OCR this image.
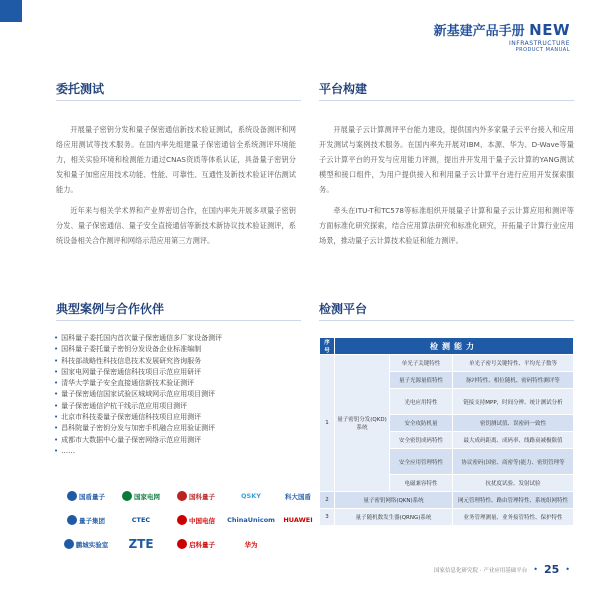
新基建产品手册 NEW
INFRASTRUCTURE
PRODUCT MANUAL
委托测试

开展量子密钥分发和量子保密通信新技术验证测试，系统设备测评和网络应用测试等技术服务。在国内率先组建量子保密通信全系统测评环境能力，相关实验环境和检测能力通过CNAS资质等体系认证，具备量子密钥分发和量子加密应用技术功能、性能、可靠性、互通性及新技术验证评估测试能力。

近年来与相关学术界和产业界密切合作，在国内率先开展多项量子密钥分发、量子保密通信、量子安全直接通信等新技术新协议技术验证测评，系统设备相关合作测评和网络示范应用第三方测评。

平台构建

开展量子云计算测评平台能力建设，提供国内外多家量子云平台接入和应用开发测试与案例技术服务。在国内率先开展对IBM、本源、华为、D-Wave等量子云计算平台的开发与应用能力评测，提出并开发用于量子云计算的YANG测试模型和接口组件，为用户提供接入和利用量子云计算平台进行应用开发探索服务。

牵头在ITU-T和TC578等标准组织开展量子计算和量子云计算应用和测评等方面标准化研究探索，结合应用算法研究和标准化研究，开拓量子计算行业应用场景，推动量子云计算技术验证和能力测评。

典型案例与合作伙伴
• 国科量子委托国内首次量子保密通信多厂家设备测评
• 国科量子委托量子密钥分发设备企业标准编制
• 科技部战略性科技信息技术发展研究咨询服务
• 国家电网量子保密通信科技项目示范应用研评
• 清华大学量子安全直接通信新技术验证测评
• 量子保密通信国家试验区城域网示范应用项目测评
• 量子保密通信沪杭干线示范应用项目测评
• 北京市科技委量子保密通信科技项目应用测评
• 昌科院量子密钥分发与加密手机融合应用验证测评
• 成都市大数据中心量子保密网络示范应用测评
• ……
国盾量子	国家电网	国科量子	QSKY	科大国盾
量子集团	CTEC	中国电信 ChinaUnicom HUAWEI
鹏城实验室 ZTE	启科量子	华为
检测平台
序号	检测能力		
1	量子密钥分发(QKD)系统	单光子关键特性	单光子密号关键特性、平均光子数等
		量子光源量值特性	脉冲特性、相位随机、密码特性测评等
		光电应用特性	链接支持MPP，时间分辨、统计测试分析
		安全攻防机量	密钥测试值、误密码一致性
		安全密钥成码特性	最大成码距离、成码率、线路衰减极限值
		安全应用管理特性	协议密码(国密、商密等)能力、密钥管理等
		电磁兼容特性	抗扰度试验、发射试验
2	量子密钥网络(QKN)系统		网元管理特性、路由管理特性、系统组网特性
3	量子随机数发生器(QRNG)系统		业务管理测量、业务接管特性、保护特性
国家信息化研究院 · 产业应用基础平台 • 25 •
